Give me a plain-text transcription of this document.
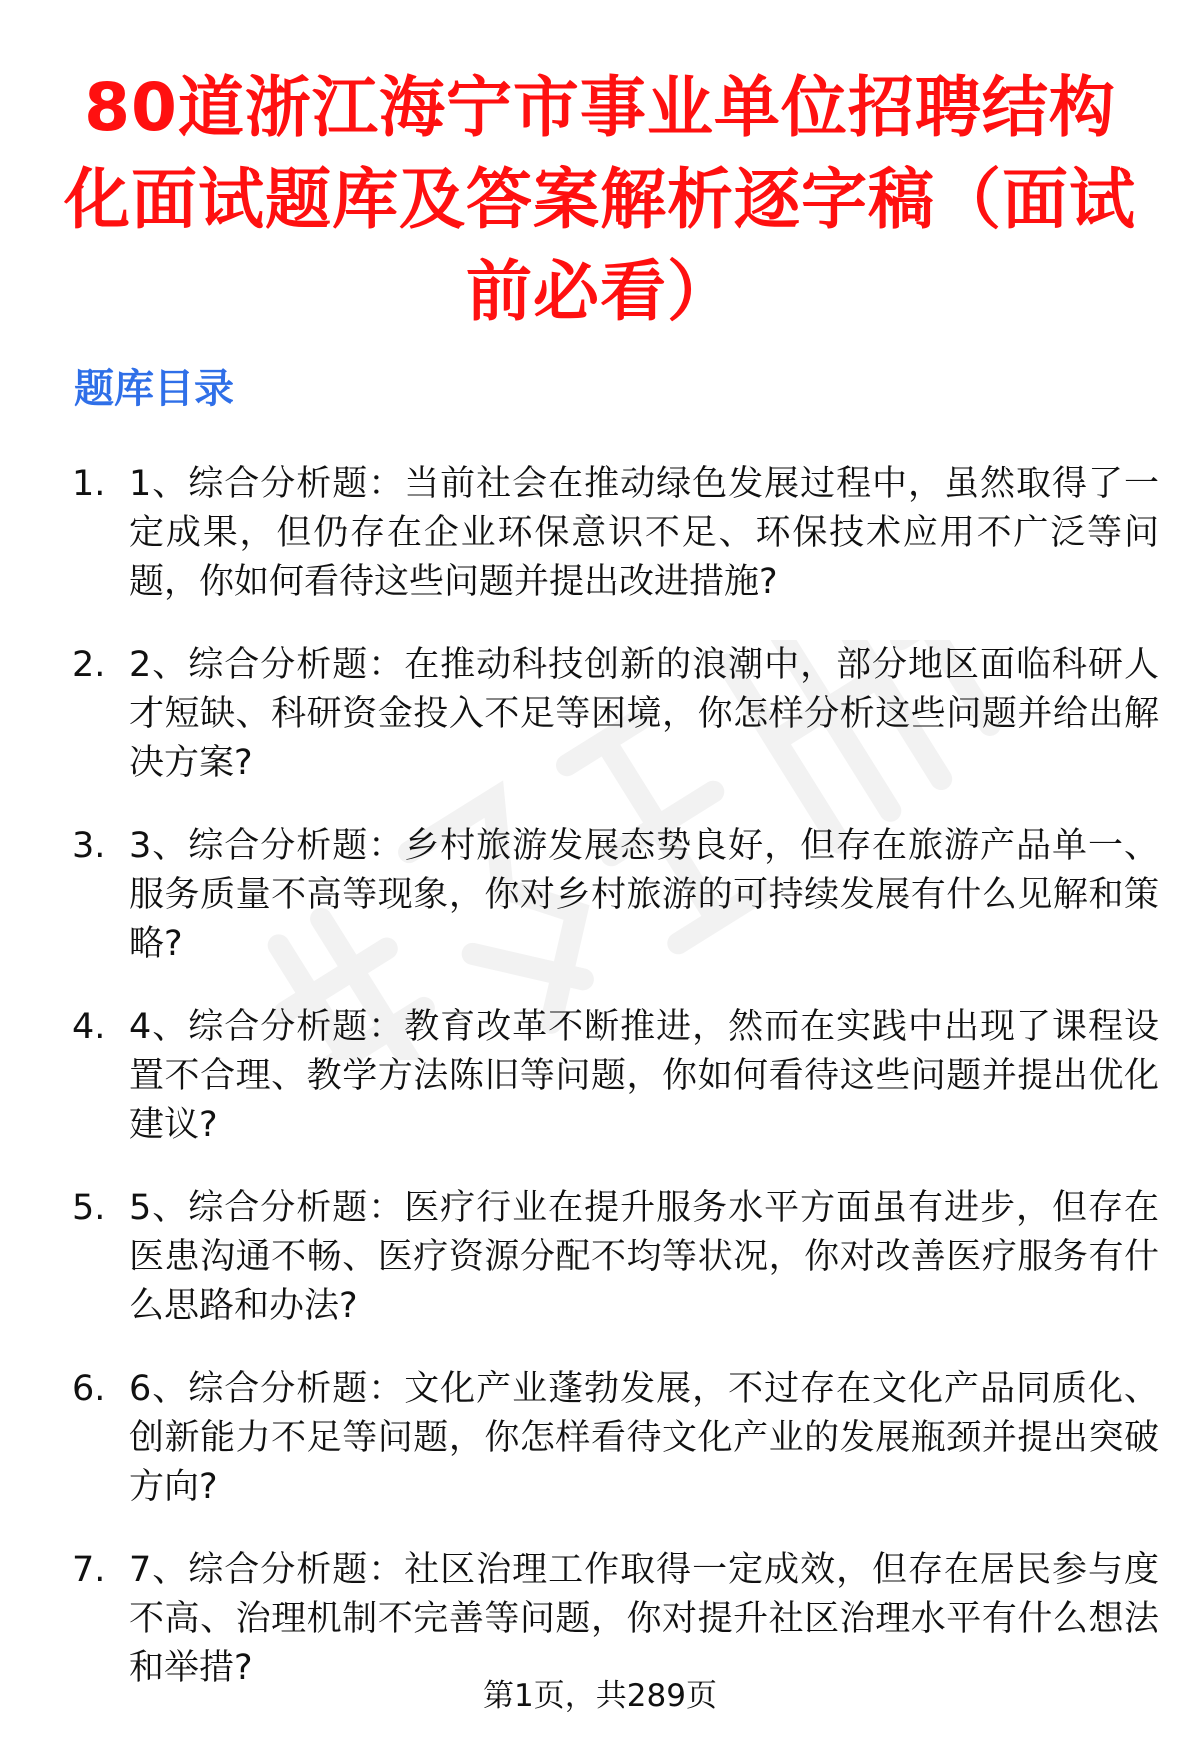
80道浙江海宁市事业单位招聘结构化面试题库及答案解析逐字稿（面试前必看）
题库目录
1. 1、综合分析题：当前社会在推动绿色发展过程中，虽然取得了一定成果，但仍存在企业环保意识不足、环保技术应用不广泛等问题，你如何看待这些问题并提出改进措施?

2. 2、综合分析题：在推动科技创新的浪潮中，部分地区面临科研人才短缺、科研资金投入不足等困境，你怎样分析这些问题并给出解决方案?

3. 3、综合分析题：乡村旅游发展态势良好，但存在旅游产品单一、服务质量不高等现象，你对乡村旅游的可持续发展有什么见解和策略?

4. 4、综合分析题：教育改革不断推进，然而在实践中出现了课程设置不合理、教学方法陈旧等问题，你如何看待这些问题并提出优化建议?

5. 5、综合分析题：医疗行业在提升服务水平方面虽有进步，但存在医患沟通不畅、医疗资源分配不均等状况，你对改善医疗服务有什么思路和办法?

6. 6、综合分析题：文化产业蓬勃发展，不过存在文化产品同质化、创新能力不足等问题，你怎样看待文化产业的发展瓶颈并提出突破方向?

7. 7、综合分析题：社区治理工作取得一定成效，但存在居民参与度不高、治理机制不完善等问题，你对提升社区治理水平有什么想法和举措?

第1页，共289页
